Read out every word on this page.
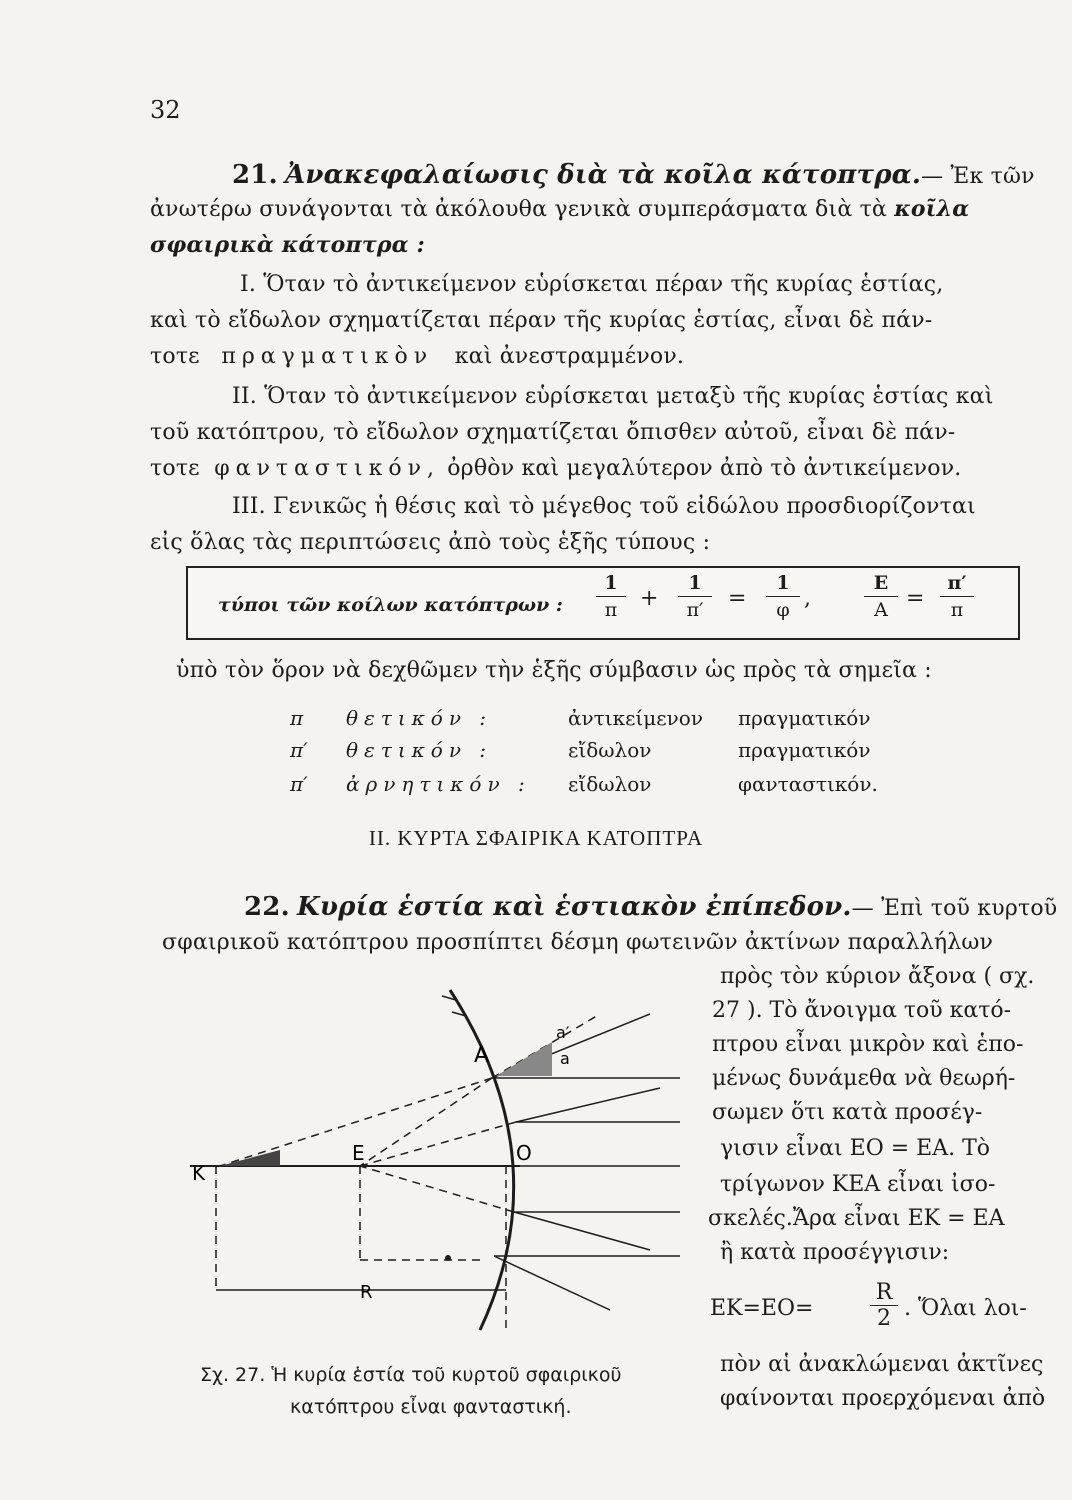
32
21. Ἀνακεφαλαίωσις διὰ τὰ κοῖλα κάτοπτρα.— Ἐκ τῶν
ἀνωτέρω συνάγονται τὰ ἀκόλουθα γενικὰ συμπεράσματα διὰ τὰ κοῖλα
σφαιρικὰ κάτοπτρα :
I. Ὅταν τὸ ἀντικείμενον εὑρίσκεται πέραν τῆς κυρίας ἑστίας,
καὶ τὸ εἴδωλον σχηματίζεται πέραν τῆς κυρίας ἑστίας, εἶναι δὲ πάν-
τοτε πραγματικὸν καὶ ἀνεστραμμένον.
II. Ὅταν τὸ ἀντικείμενον εὑρίσκεται μεταξὺ τῆς κυρίας ἑστίας καὶ
τοῦ κατόπτρου, τὸ εἴδωλον σχηματίζεται ὄπισθεν αὐτοῦ, εἶναι δὲ πάν-
τοτε φανταστικόν, ὀρθὸν καὶ μεγαλύτερον ἀπὸ τὸ ἀντικείμενον.
III. Γενικῶς ἡ θέσις καὶ τὸ μέγεθος τοῦ εἰδώλου προσδιορίζονται
εἰς ὅλας τὰς περιπτώσεις ἀπὸ τοὺς ἑξῆς τύπους :
τύποι τῶν κοίλων κατόπτρων :
1
π	+
1
π′	=
1
φ ,
E
A =
π′
π
ὑπὸ τὸν ὅρον νὰ δεχθῶμεν τὴν ἑξῆς σύμβασιν ὡς πρὸς τὰ σημεῖα :
π θετικόν :	ἀντικείμενον πραγματικόν
π′ θετικόν :	εἴδωλον	πραγματικόν
π′ ἀρνητικόν : εἴδωλον	φανταστικόν.
II. ΚΥΡΤΑ ΣΦΑΙΡΙΚΑ ΚΑΤΟΠΤΡΑ
22. Κυρία ἑστία καὶ ἑστιακὸν ἐπίπεδον.— Ἐπὶ τοῦ κυρτοῦ
σφαιρικοῦ κατόπτρου προσπίπτει δέσμη φωτεινῶν ἀκτίνων παραλλήλων
πρὸς τὸν κύριον ἄξονα ( σχ.
27 ). Τὸ ἄνοιγμα τοῦ κατό-
πτρου εἶναι μικρὸν καὶ ἑπο-
μένως δυνάμεθα νὰ θεωρή-
σωμεν ὅτι κατὰ προσέγ-
γισιν εἶναι ΕΟ = ΕΑ. Τὸ
τρίγωνον ΚΕΑ εἶναι ἰσο-
σκελές.Ἄρα εἶναι ΕΚ = ΕΑ
ἢ κατὰ προσέγγισιν:
ΕΚ=ΕΟ=
R
2 . Ὅλαι λοι-
πὸν αἱ ἀνακλώμεναι ἀκτῖνες
φαίνονται προερχόμεναι ἀπὸ
A
a′
a
K
E	O
R
Σχ. 27. Ἡ κυρία ἑστία τοῦ κυρτοῦ σφαιρικοῦ
κατόπτρου εἶναι φανταστική.
